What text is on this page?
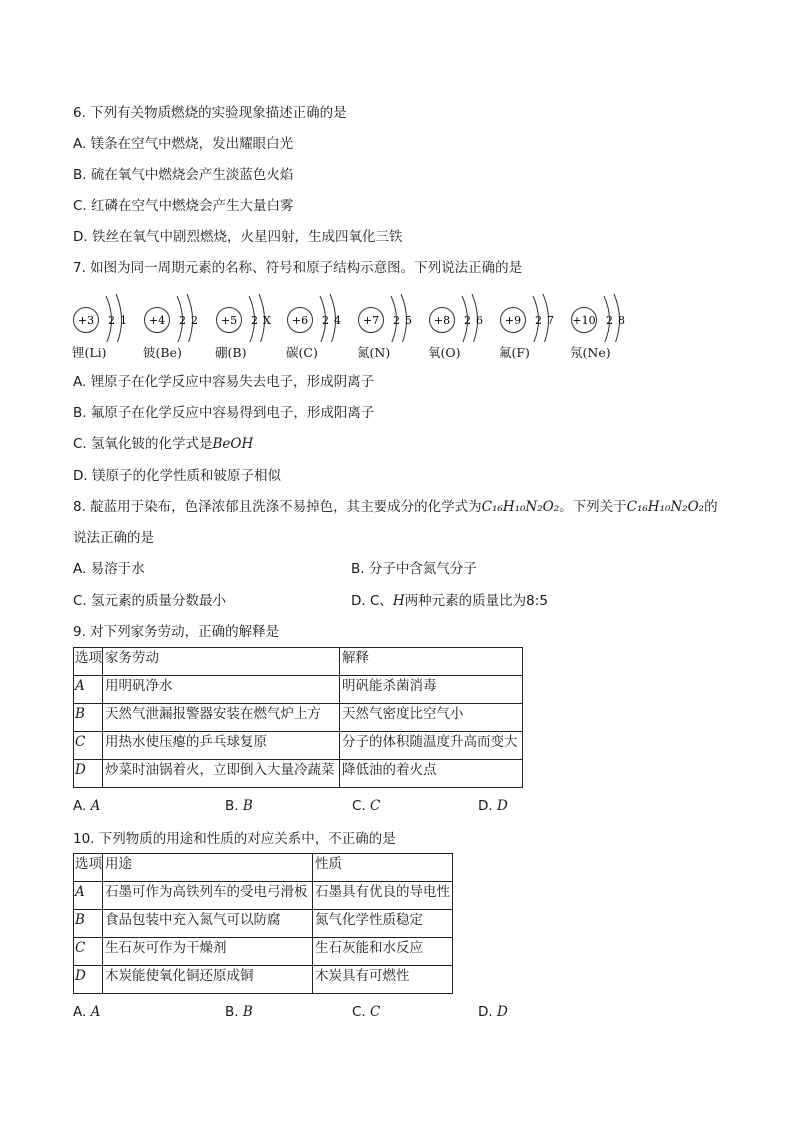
6. 下列有关物质燃烧的实验现象描述正确的是
A. 镁条在空气中燃烧，发出耀眼白光
B. 硫在氧气中燃烧会产生淡蓝色火焰
C. 红磷在空气中燃烧会产生大量白雾
D. 铁丝在氧气中剧烈燃烧，火星四射，生成四氧化三铁
7. 如图为同一周期元素的名称、符号和原子结构示意图。下列说法正确的是
+3 2 1
锂(Li)
+4 2 2
铍(Be)
+5 2 X
硼(B)
+6 2 4
碳(C)
+7 2 5
氮(N)
+8 2 6
氧(O)
+9 2 7
氟(F)
+10 2 8
氖(Ne)
A. 锂原子在化学反应中容易失去电子，形成阴离子
B. 氟原子在化学反应中容易得到电子，形成阳离子
C. 氢氧化铍的化学式是BeOH
D. 镁原子的化学性质和铍原子相似
8. 靛蓝用于染布，色泽浓郁且洗涤不易掉色，其主要成分的化学式为C₁₆H₁₀N₂O₂。下列关于C₁₆H₁₀N₂O₂的
说法正确的是
A. 易溶于水	B. 分子中含氮气分子
C. 氢元素的质量分数最小	D. C、H两种元素的质量比为8:5
9. 对下列家务劳动，正确的解释是
选项	家务劳动	解释
A	用明矾净水	明矾能杀菌消毒
B	天然气泄漏报警器安装在燃气炉上方	天然气密度比空气小
C	用热水使压瘪的乒乓球复原	分子的体积随温度升高而变大
D	炒菜时油锅着火，立即倒入大量冷蔬菜	降低油的着火点
A. A	B. B	C. C	D. D
10. 下列物质的用途和性质的对应关系中，不正确的是
选项	用途	性质
A	石墨可作为高铁列车的受电弓滑板	石墨具有优良的导电性
B	食品包装中充入氮气可以防腐	氮气化学性质稳定
C	生石灰可作为干燥剂	生石灰能和水反应
D	木炭能使氧化铜还原成铜	木炭具有可燃性
A. A	B. B	C. C	D. D
